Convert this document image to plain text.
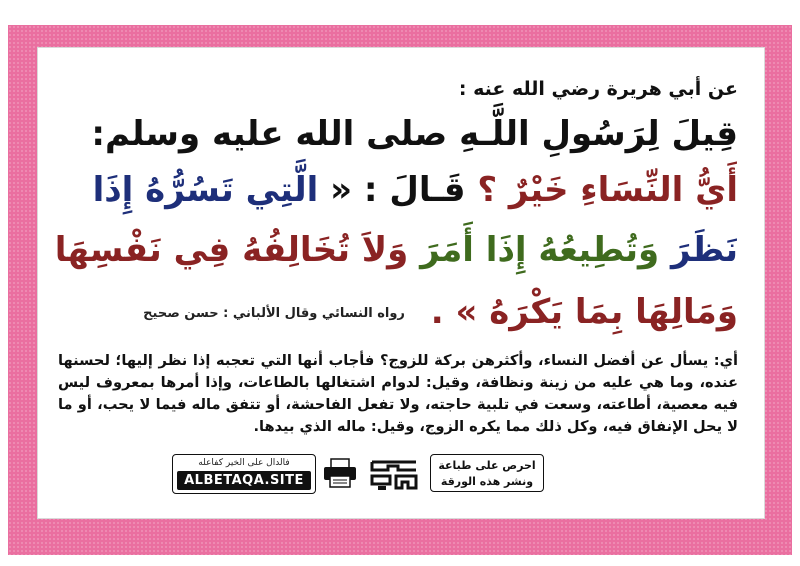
عن أبي هريرة رضي الله عنه :
قِيلَ لِرَسُولِ اللَّـهِ صلى الله عليه وسلم:
أَيُّ النِّسَاءِ خَيْرٌ ؟ قَـالَ : « الَّتِي تَسُرُّهُ إِذَا
نَظَرَ وَتُطِيعُهُ إِذَا أَمَرَ وَلاَ تُخَالِفُهُ فِي نَفْسِهَا
وَمَالِهَا بِمَا يَكْرَهُ » . رواه النسائي وقال الألباني : حسن صحيح
أي: يسأل عن أفضل النساء، وأكثرهن بركة للزوج؟ فأجاب أنها التي تعجبه إذا نظر إليها؛ لحسنها عنده، وما هي عليه من زينة ونظافة، وقيل: لدوام اشتغالها بالطاعات، وإذا أمرها بمعروف ليس فيه معصية، أطاعته، وسعت في تلبية حاجته، ولا تفعل الفاحشة، أو تتفق ماله فيما لا يحب، أو ما لا يحل الإنفاق فيه، وكل ذلك مما يكره الزوج، وقيل: ماله الذي بيدها.
فالدال على الخير كفاعله
ALBETAQA.SITE
احرص على طباعة
ونشر هذه الورقة
